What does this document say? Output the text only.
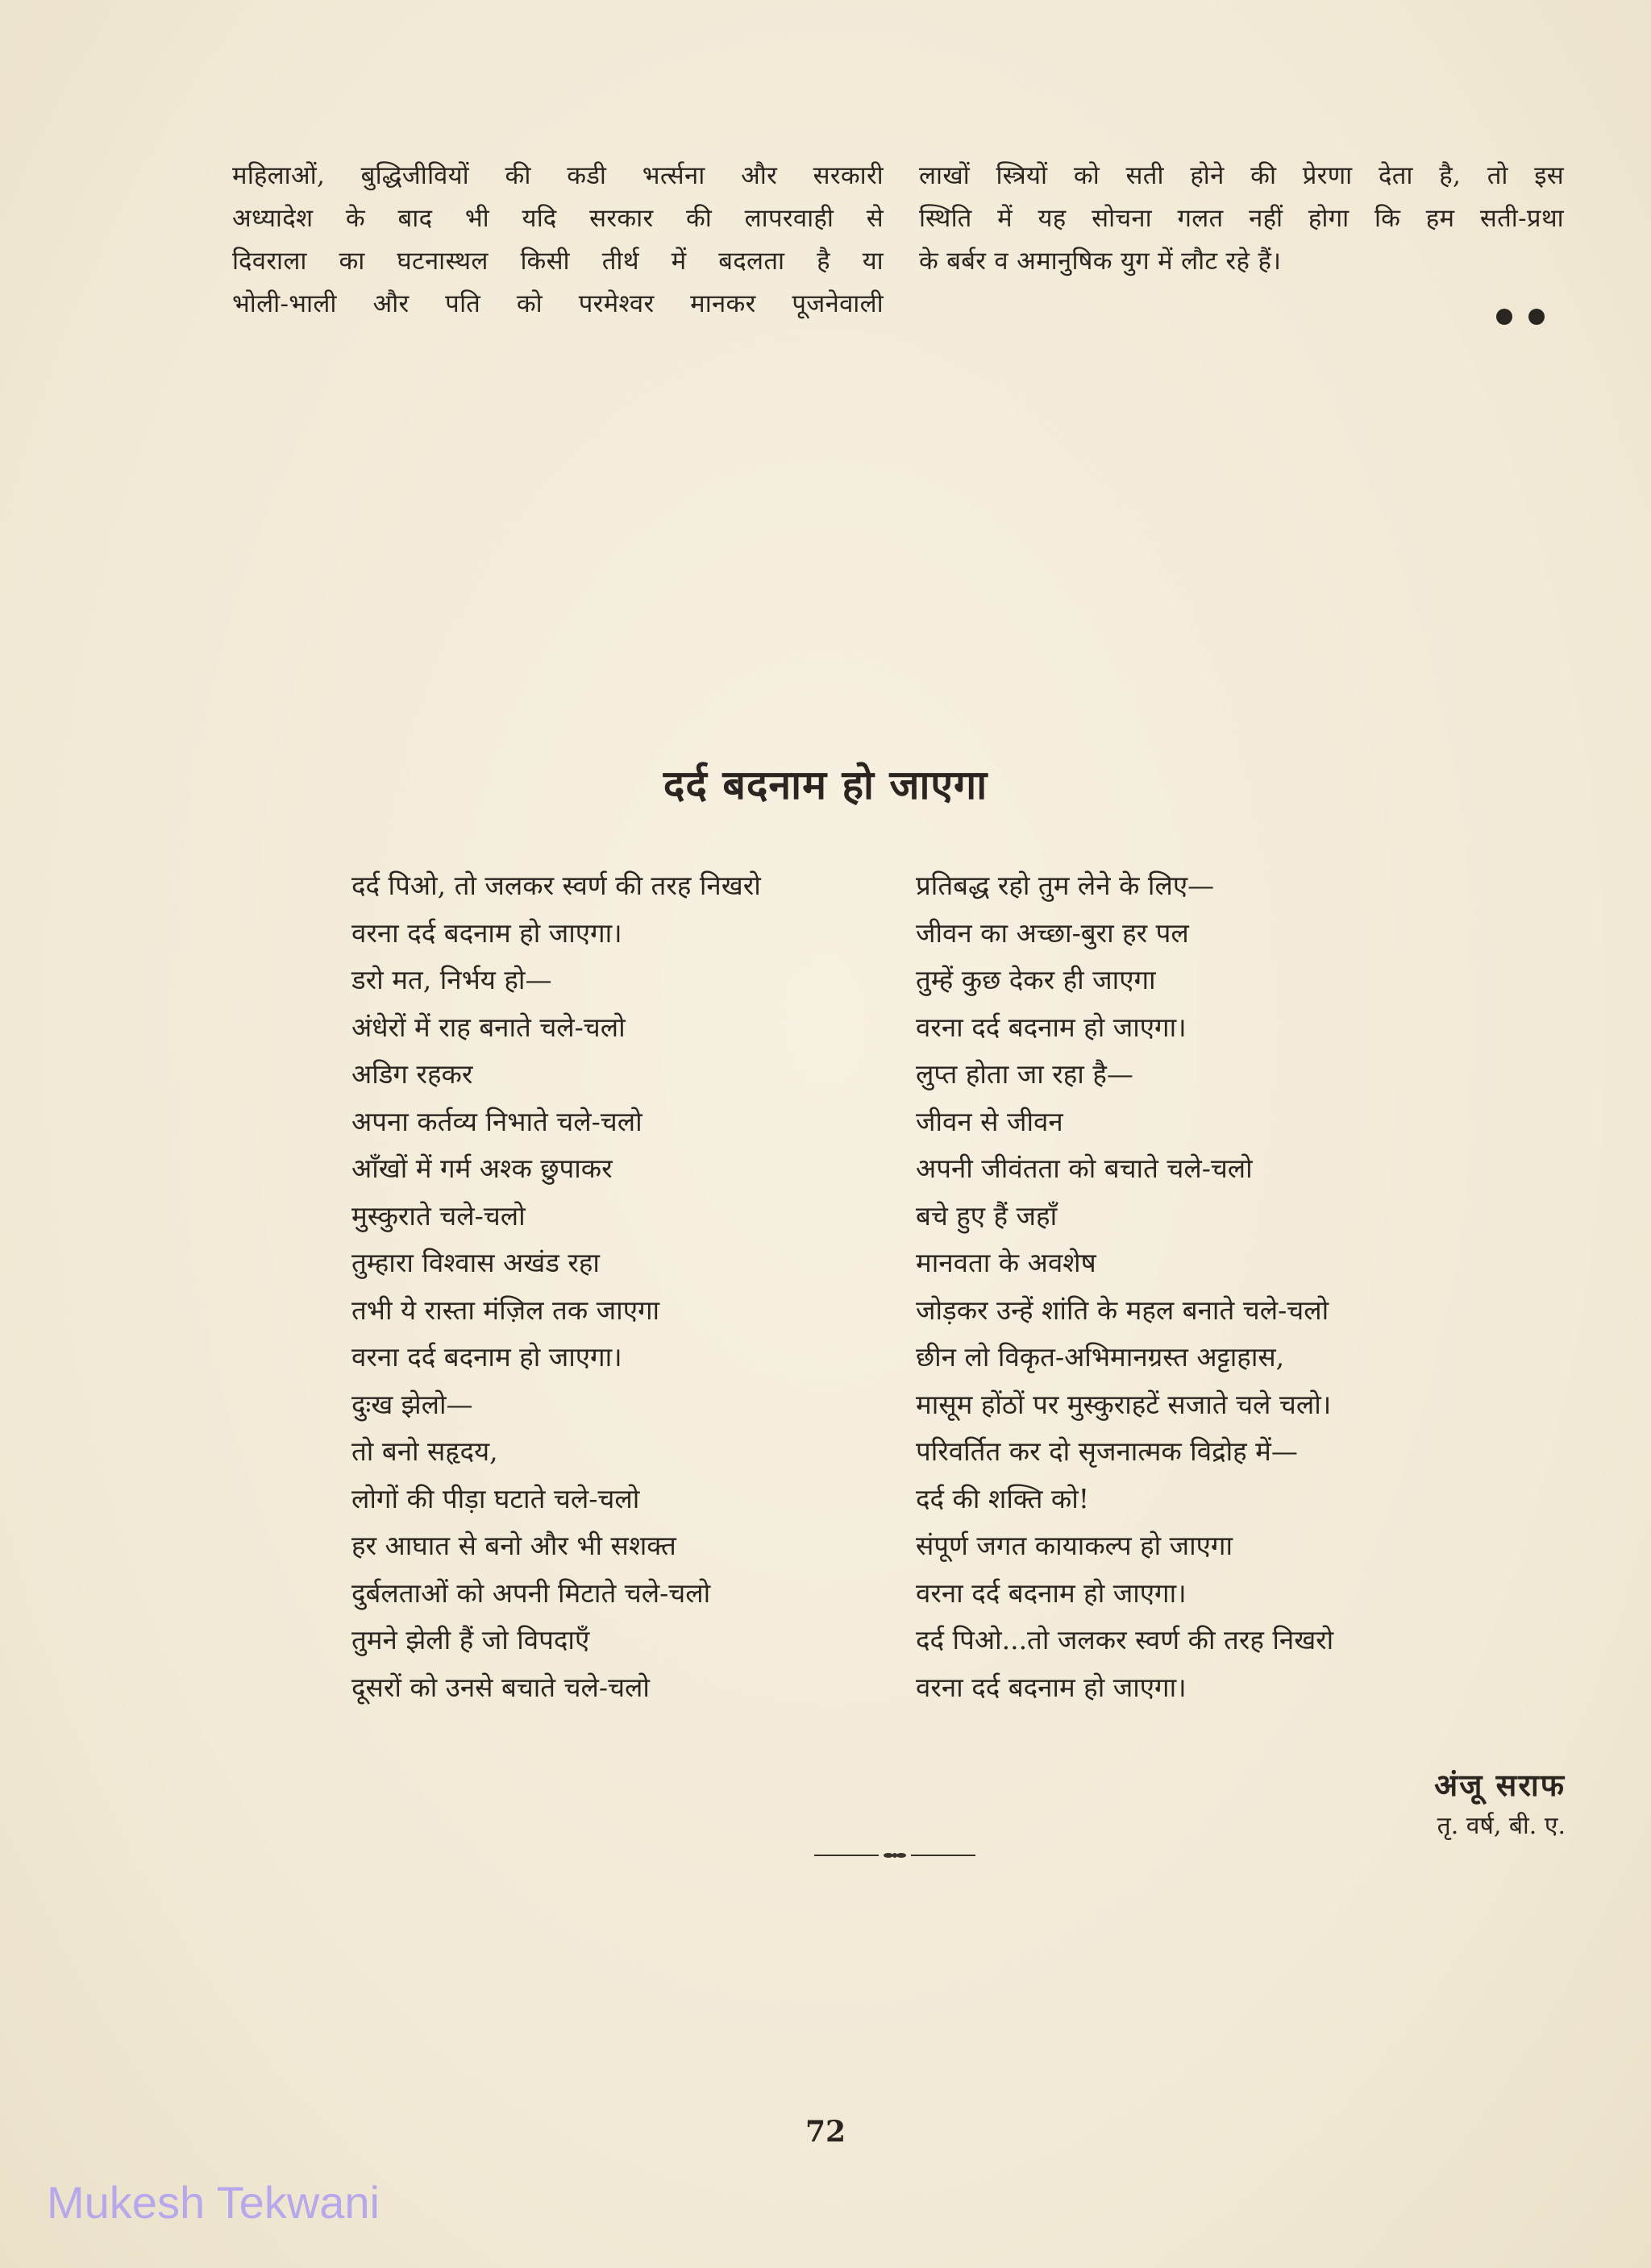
महिलाओं, बुद्धिजीवियों की कडी भर्त्सना और सरकारी

अध्यादेश के बाद भी यदि सरकार की लापरवाही से

दिवराला का घटनास्थल किसी तीर्थ में बदलता है या

भोली-भाली और पति को परमेश्वर मानकर पूजनेवाली

लाखों स्त्रियों को सती होने की प्रेरणा देता है, तो इस

स्थिति में यह सोचना गलत नहीं होगा कि हम सती-प्रथा

के बर्बर व अमानुषिक युग में लौट रहे हैं।

दर्द बदनाम हो जाएगा
दर्द पिओ, तो जलकर स्वर्ण की तरह निखरो
वरना दर्द बदनाम हो जाएगा।
डरो मत, निर्भय हो—
अंधेरों में राह बनाते चले-चलो
अडिग रहकर
अपना कर्तव्य निभाते चले-चलो
आँखों में गर्म अश्क छुपाकर
मुस्कुराते चले-चलो
तुम्हारा विश्वास अखंड रहा
तभी ये रास्ता मंज़िल तक जाएगा
वरना दर्द बदनाम हो जाएगा।
दुःख झेलो—
तो बनो सहृदय,
लोगों की पीड़ा घटाते चले-चलो
हर आघात से बनो और भी सशक्त
दुर्बलताओं को अपनी मिटाते चले-चलो
तुमने झेली हैं जो विपदाएँ
दूसरों को उनसे बचाते चले-चलो
प्रतिबद्ध रहो तुम लेने के लिए—
जीवन का अच्छा-बुरा हर पल
तुम्हें कुछ देकर ही जाएगा
वरना दर्द बदनाम हो जाएगा।
लुप्त होता जा रहा है—
जीवन से जीवन
अपनी जीवंतता को बचाते चले-चलो
बचे हुए हैं जहाँ
मानवता के अवशेष
जोड़कर उन्हें शांति के महल बनाते चले-चलो
छीन लो विकृत-अभिमानग्रस्त अट्टाहास,
मासूम होंठों पर मुस्कुराहटें सजाते चले चलो।
परिवर्तित कर दो सृजनात्मक विद्रोह में—
दर्द की शक्ति को!
संपूर्ण जगत कायाकल्प हो जाएगा
वरना दर्द बदनाम हो जाएगा।
दर्द पिओ...तो जलकर स्वर्ण की तरह निखरो
वरना दर्द बदनाम हो जाएगा।
अंजू सराफ
तृ. वर्ष, बी. ए.

72

Mukesh Tekwani
